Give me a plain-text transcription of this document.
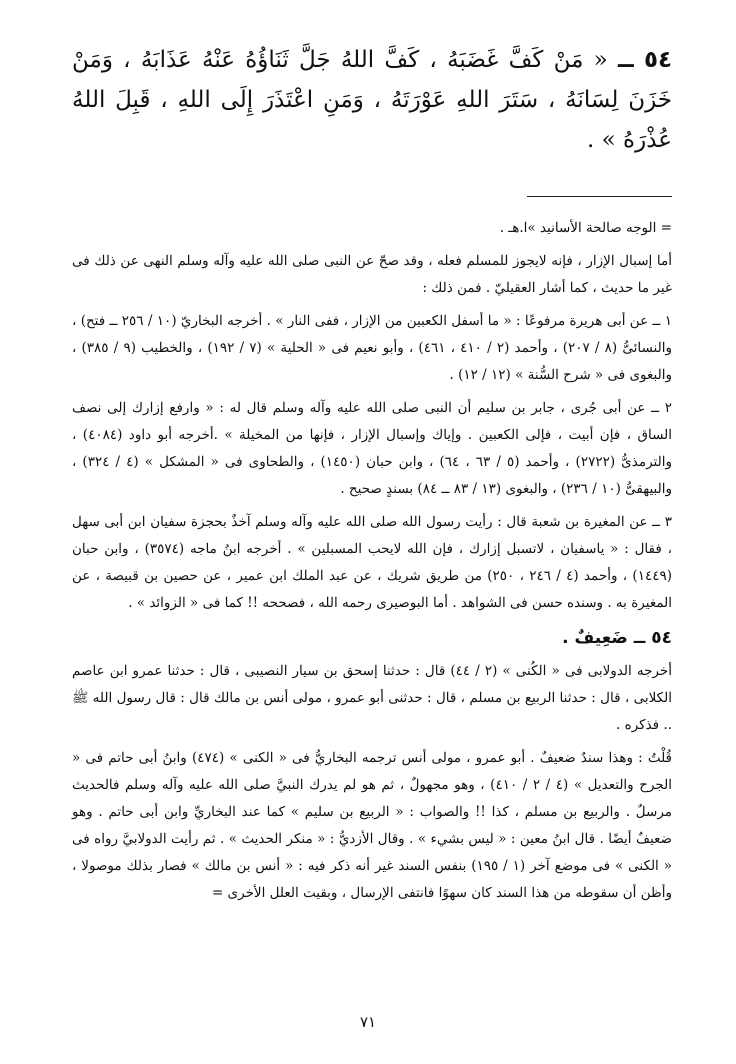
٥٤ ــ « مَنْ كَفَّ غَضَبَهُ ، كَفَّ اللهُ جَلَّ ثَنَاؤُهُ عَنْهُ عَذَابَهُ ، وَمَنْ خَزَنَ لِسَانَهُ ، سَتَرَ اللهِ عَوْرَتَهُ ، وَمَنِ اعْتَذَرَ إِلَى اللهِ ، قَبِلَ اللهُ عُذْرَهُ » .

= الوجه صالحة الأسانيد »ا.هـ .

أما إسبال الإزار ، فإنه لايجوز للمسلم فعله ، وقد صحّ عن النبى صلى الله عليه وآله وسلم النهى عن ذلك فى غير ما حديث ، كما أشار العقيليّ . فمن ذلك :

١ ــ عن أبى هريرة مرفوعًا : « ما أسفل الكعبين من الإزار ، ففى النار » . أخرجه البخاريّ (١٠ / ٢٥٦ ــ فتح) ، والنسائىُّ (٨ / ٢٠٧) ، وأحمد (٢ / ٤١٠ ، ٤٦١) ، وأبو نعيم فى « الحلية » (٧ / ١٩٢) ، والخطيب (٩ / ٣٨٥) ، والبغوى فى « شرح السُّنة » (١٢ / ١٢) .

٢ ــ عن أبى جُرى ، جابر بن سليم أن النبى صلى الله عليه وآله وسلم قال له : « وارفع إزارك إلى نصف الساق ، فإن أبيت ، فإلى الكعبين . وإياك وإسبال الإزار ، فإنها من المخيلة » .أخرجه أبو داود (٤٠٨٤) ، والترمذىُّ (٢٧٢٢) ، وأحمد (٥ / ٦٣ ، ٦٤) ، وابن حبان (١٤٥٠) ، والطحاوى فى « المشكل » (٤ / ٣٢٤) ، والبيهقىُّ (١٠ / ٢٣٦) ، والبغوى (١٣ / ٨٣ ــ ٨٤) بسندٍ صحيح .

٣ ــ عن المغيرة بن شعبة قال : رأيت رسول الله صلى الله عليه وآله وسلم آخذٌ بحجزة سفيان ابن أبى سهل ، فقال : « ياسفيان ، لاتسبل إزارك ، فإن الله لايحب المسبلين » . أخرجه ابنُ ماجه (٣٥٧٤) ، وابن حبان (١٤٤٩) ، وأحمد (٤ / ٢٤٦ ، ٢٥٠) من طريق شريك ، عن عبد الملك ابن عمير ، عن حصين بن قبيصة ، عن المغيرة به . وسنده حسن فى الشواهد . أما البوصيرى رحمه الله ، فصححه !! كما فى « الزوائد » .

٥٤ ــ ضَعِيفٌ .

أخرجه الدولابى فى « الكُنى » (٢ / ٤٤) قال : حدثنا إسحق بن سيار النصيبى ، قال : حدثنا عمرو ابن عاصم الكلابى ، قال : حدثنا الربيع بن مسلم ، قال : حدثنى أبو عمرو ، مولى أنس بن مالك قال : قال رسول الله ﷺ .. فذكره .

قُلْتُ : وهذا سندٌ ضعيفٌ . أبو عمرو ، مولى أنس ترجمه البخاريُّ فى « الكنى » (٤٧٤) وابنُ أبى حاتم فى « الجرح والتعديل » (٤ / ٢ / ٤١٠) ، وهو مجهولٌ ، ثم هو لم يدرك النبيَّ صلى الله عليه وآله وسلم فالحديث مرسلٌ . والربيع بن مسلم ، كذا !! والصواب : « الربيع بن سليم » كما عند البخاريِّ وابن أبى حاتم . وهو ضعيفٌ أيضًا . قال ابنُ معين : « ليس بشيء » . وقال الأزديُّ : « منكر الحديث » . ثم رأيت الدولابيَّ رواه فى « الكنى » فى موضع آخر (١ / ١٩٥) بنفس السند غير أنه ذكر فيه : « أنس بن مالك » فصار بذلك موصولا ، وأظن أن سقوطه من هذا السند كان سهوًا فانتفى الإرسال ، وبقيت العلل الأخرى =

٧١
